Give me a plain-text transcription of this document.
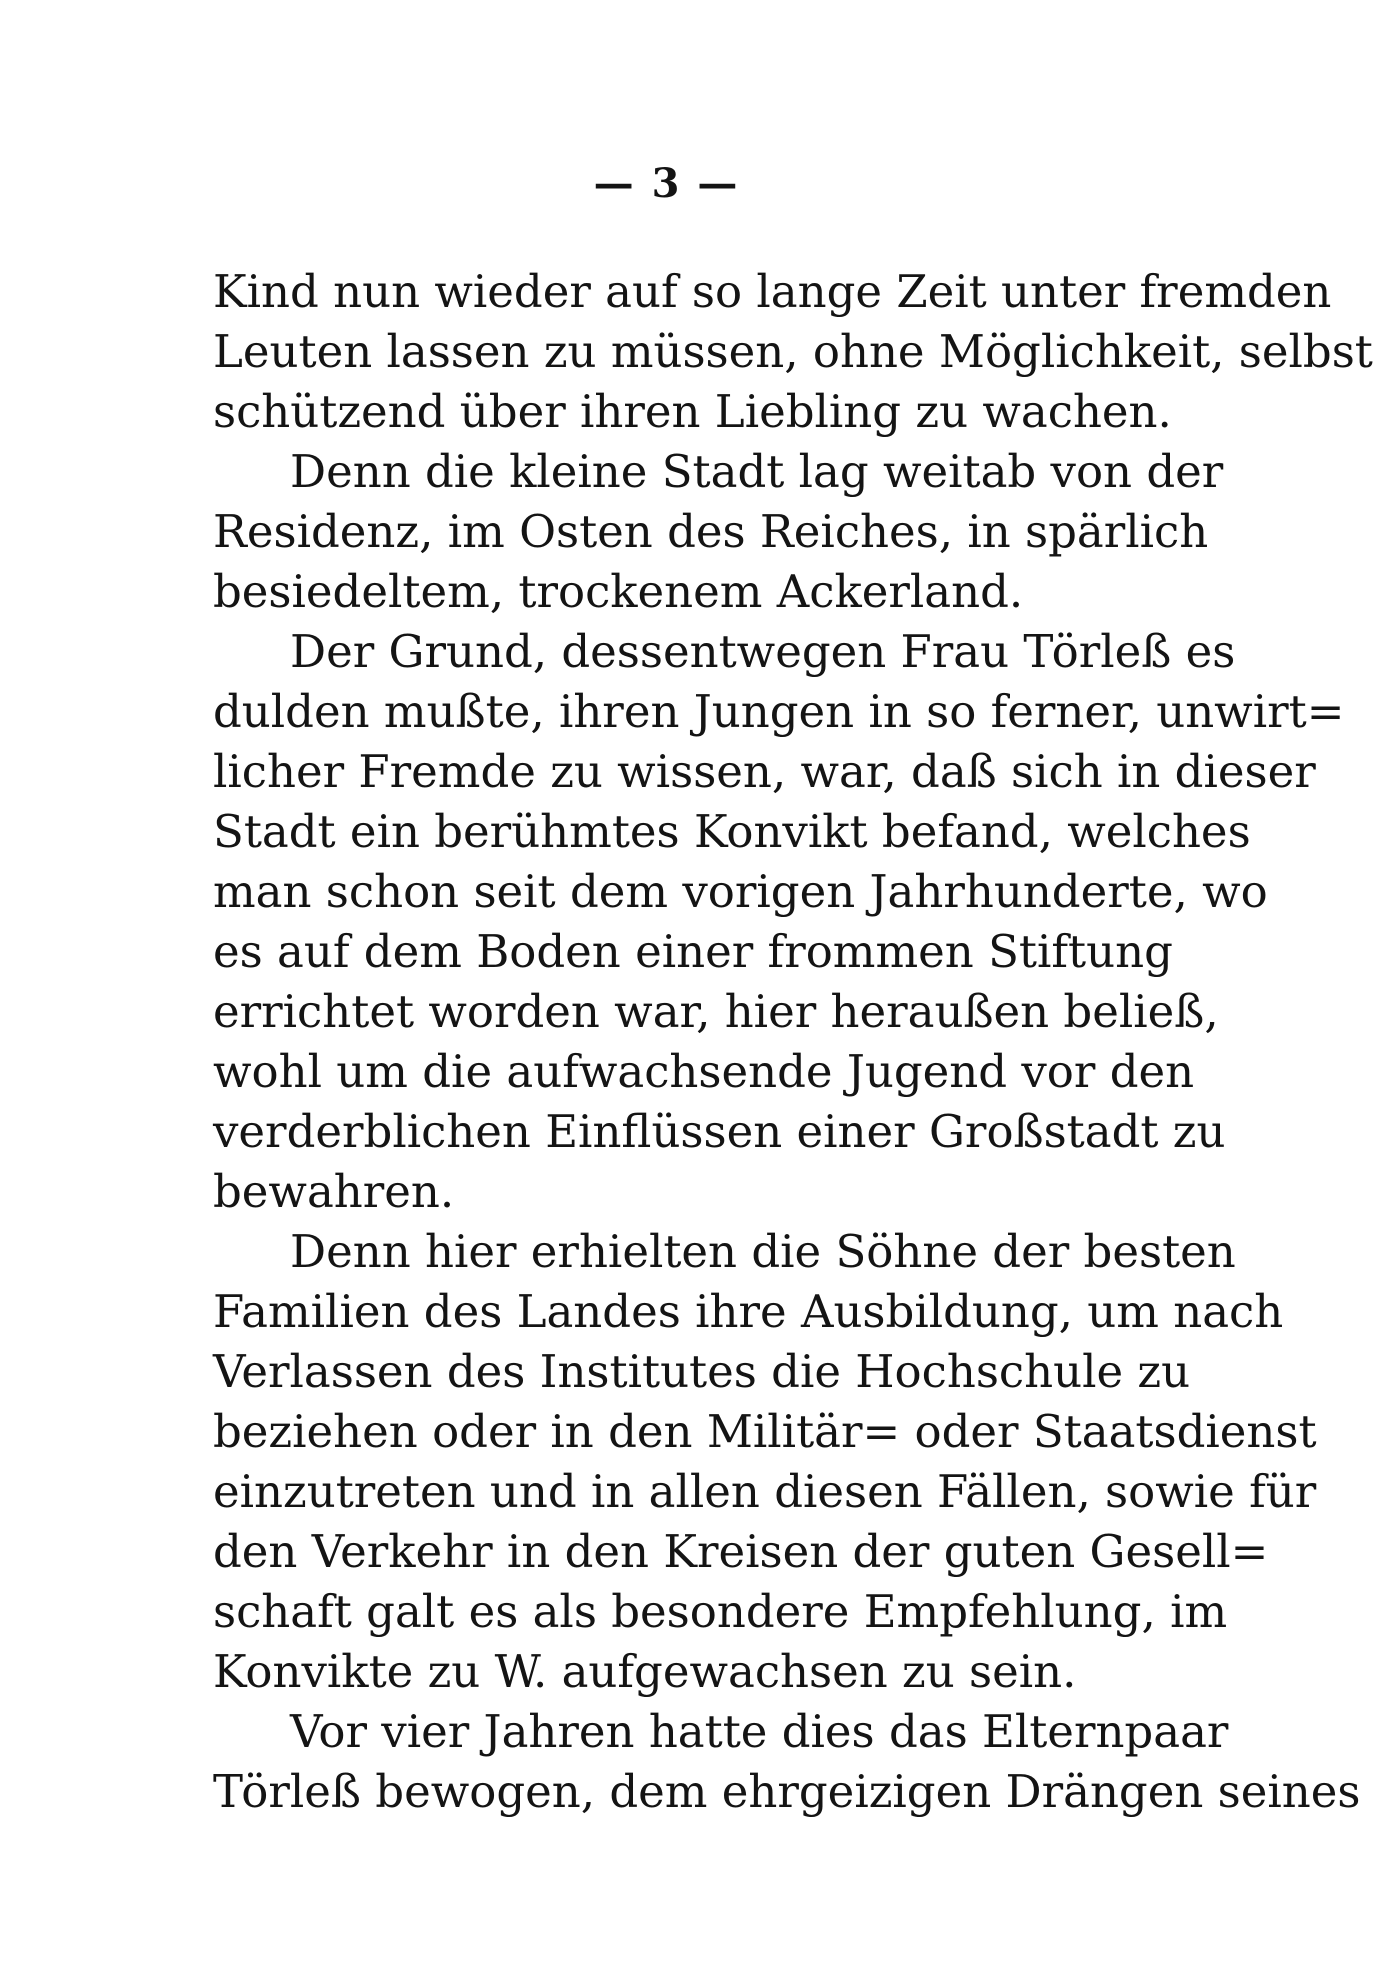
— 3 —
Kind nun wieder auf so lange Zeit unter fremden
Leuten lassen zu müssen, ohne Möglichkeit, selbst
schützend über ihren Liebling zu wachen.
Denn die kleine Stadt lag weitab von der
Residenz, im Osten des Reiches, in spärlich
besiedeltem, trockenem Ackerland.
Der Grund, dessentwegen Frau Törleß es
dulden mußte, ihren Jungen in so ferner, unwirt=
licher Fremde zu wissen, war, daß sich in dieser
Stadt ein berühmtes Konvikt befand, welches
man schon seit dem vorigen Jahrhunderte, wo
es auf dem Boden einer frommen Stiftung
errichtet worden war, hier heraußen beließ,
wohl um die aufwachsende Jugend vor den
verderblichen Einflüssen einer Großstadt zu
bewahren.
Denn hier erhielten die Söhne der besten
Familien des Landes ihre Ausbildung, um nach
Verlassen des Institutes die Hochschule zu
beziehen oder in den Militär= oder Staatsdienst
einzutreten und in allen diesen Fällen, sowie für
den Verkehr in den Kreisen der guten Gesell=
schaft galt es als besondere Empfehlung, im
Konvikte zu W. aufgewachsen zu sein.
Vor vier Jahren hatte dies das Elternpaar
Törleß bewogen, dem ehrgeizigen Drängen seines
